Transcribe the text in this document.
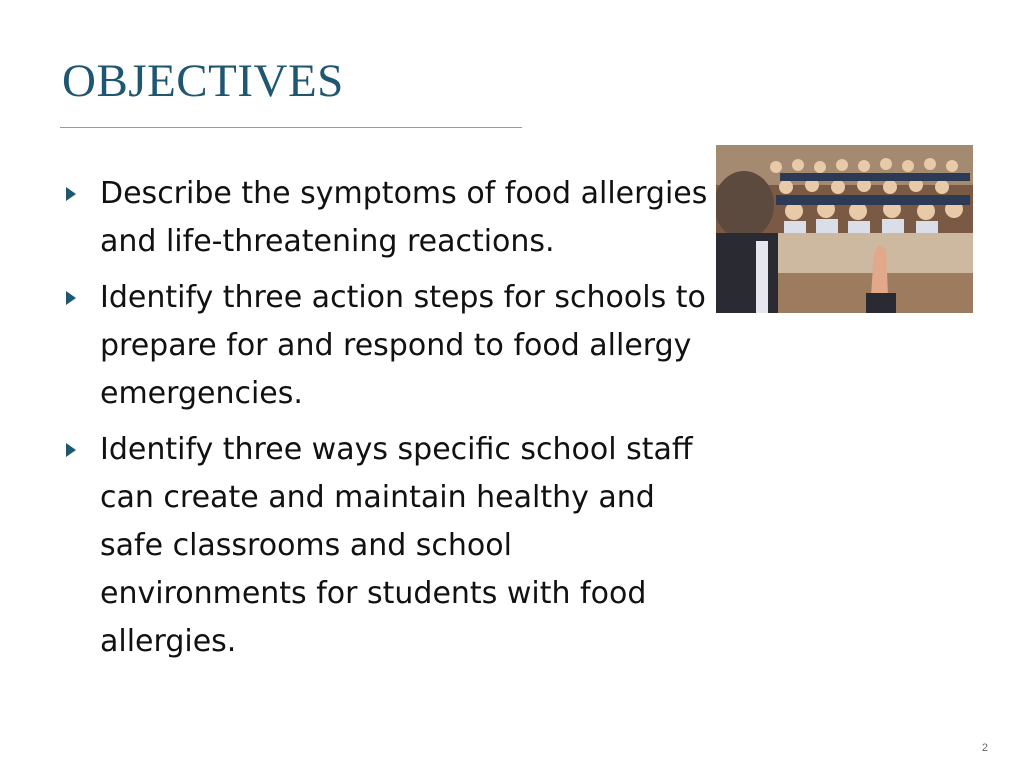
OBJECTIVES
Describe the symptoms of food allergies and life-threatening reactions.
Identify three action steps for schools to prepare for and respond to food allergy emergencies.
Identify three ways specific school staff can create and maintain healthy and safe classrooms and school environments for students with food allergies.
2
